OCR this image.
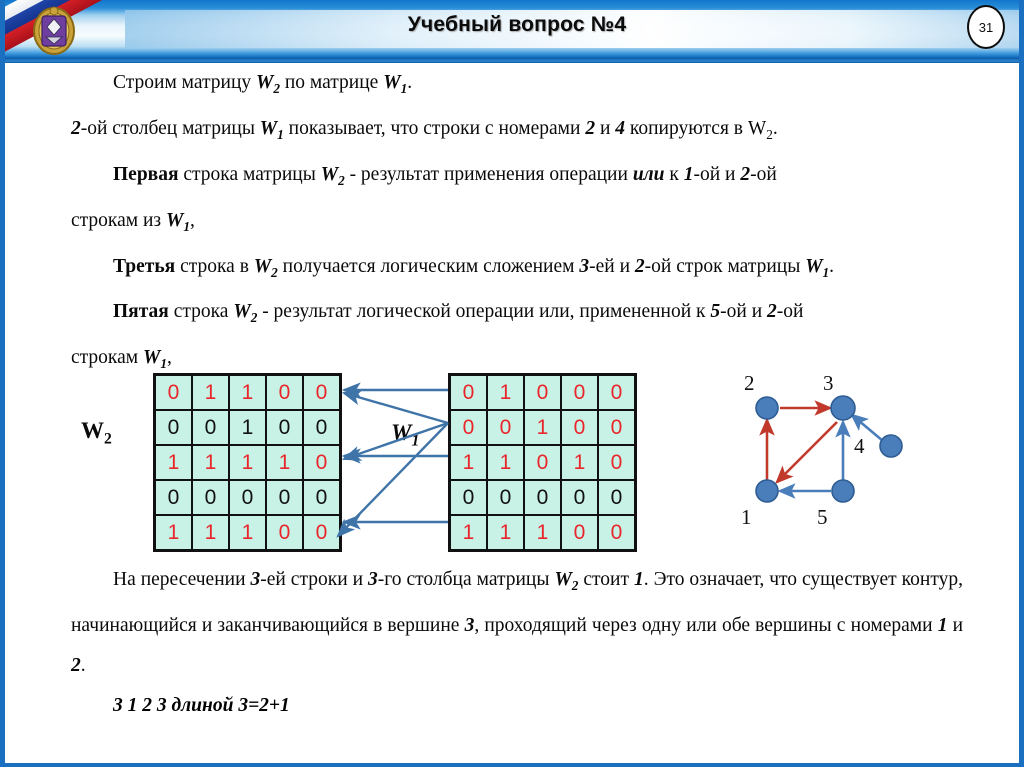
Учебный вопрос №4	31

Строим матрицу $W_2$ по матрице $W_1$.

2-ой столбец матрицы $W_1$ показывает, что строки с номерами 2 и 4 копируются в $W_2$.

Первая строка матрицы $W_2$ - результат применения операции или к 1-ой и 2-ой

строкам из $W_1$,

Третья строка в $W_2$ получается логическим сложением 3-ей и 2-ой строк матрицы $W_1$.

Пятая строка $W_2$ - результат логической операции или, примененной к 5-ой и 2-ой

строкам $W_1$,

$W_2$
0	1	1	0	0
0	0	1	0	0
1	1	1	1	0
0	0	0	0	0
1	1	1	0	0
$W_1$
0	1	0	0	0
0	0	1	0	0
1	1	0	1	0
0	0	0	0	0
1	1	1	0	0
2	3
4
1	5

На пересечении 3-ей строки и 3-го столбца матрицы $W_2$ стоит 1. Это означает, что существует контур, начинающийся и заканчивающийся в вершине 3, проходящий через одну или обе вершины с номерами 1 и 2.

3 1 2 3 длиной 3=2+1
